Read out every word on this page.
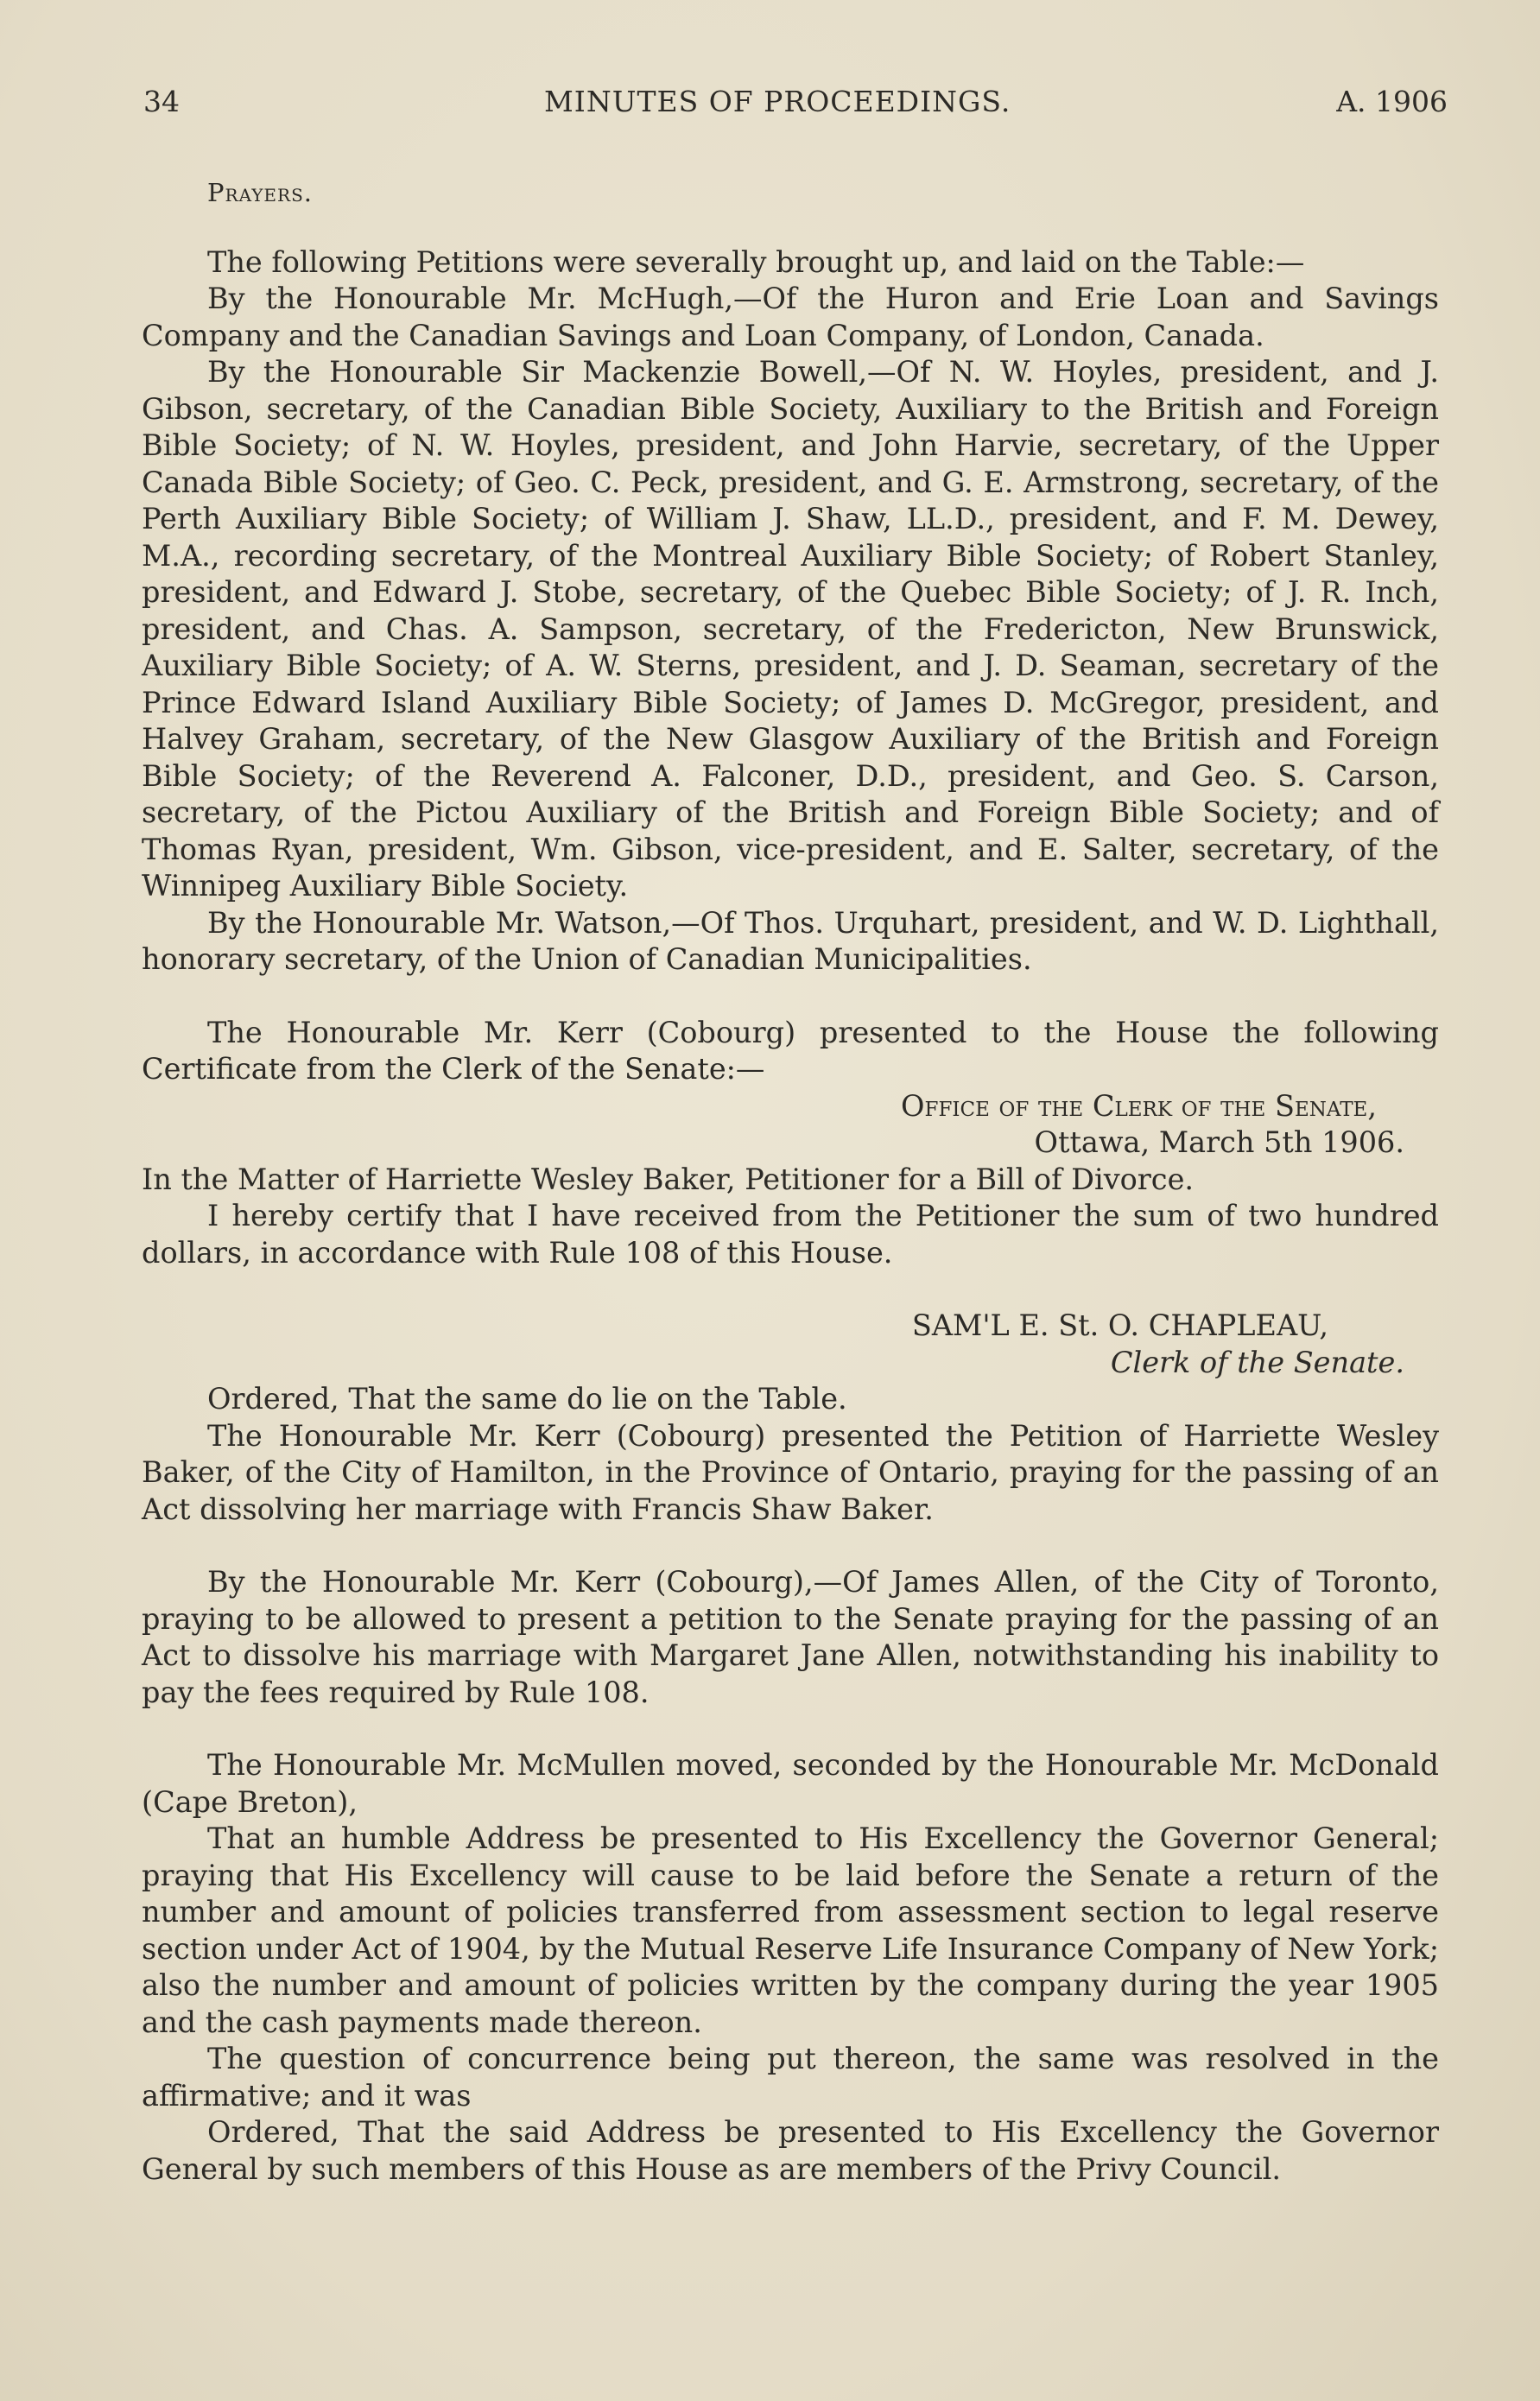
34	MINUTES OF PROCEEDINGS.	A. 1906

Prayers.

The following Petitions were severally brought up, and laid on the Table:—

By the Honourable Mr. McHugh,—Of the Huron and Erie Loan and Savings Company and the Canadian Savings and Loan Company, of London, Canada.

By the Honourable Sir Mackenzie Bowell,—Of N. W. Hoyles, president, and J. Gibson, secretary, of the Canadian Bible Society, Auxiliary to the British and Foreign Bible Society; of N. W. Hoyles, president, and John Harvie, secretary, of the Upper Canada Bible Society; of Geo. C. Peck, president, and G. E. Armstrong, secretary, of the Perth Auxiliary Bible Society; of William J. Shaw, LL.D., president, and F. M. Dewey, M.A., recording secretary, of the Montreal Auxiliary Bible Society; of Robert Stanley, president, and Edward J. Stobe, secretary, of the Quebec Bible Society; of J. R. Inch, president, and Chas. A. Sampson, secretary, of the Fredericton, New Brunswick, Auxiliary Bible Society; of A. W. Sterns, president, and J. D. Seaman, secretary of the Prince Edward Island Auxiliary Bible Society; of James D. McGregor, president, and Halvey Graham, secretary, of the New Glasgow Auxiliary of the British and Foreign Bible Society; of the Reverend A. Falconer, D.D., president, and Geo. S. Carson, secretary, of the Pictou Auxiliary of the British and Foreign Bible Society; and of Thomas Ryan, president, Wm. Gibson, vice-president, and E. Salter, secretary, of the Winnipeg Auxiliary Bible Society.

By the Honourable Mr. Watson,—Of Thos. Urquhart, president, and W. D. Lighthall, honorary secretary, of the Union of Canadian Municipalities.

The Honourable Mr. Kerr (Cobourg) presented to the House the following Certificate from the Clerk of the Senate:—

Office of the Clerk of the Senate,

Ottawa, March 5th 1906.

In the Matter of Harriette Wesley Baker, Petitioner for a Bill of Divorce.

I hereby certify that I have received from the Petitioner the sum of two hundred dollars, in accordance with Rule 108 of this House.

SAM'L E. St. O. CHAPLEAU,

Clerk of the Senate.

Ordered, That the same do lie on the Table.

The Honourable Mr. Kerr (Cobourg) presented the Petition of Harriette Wesley Baker, of the City of Hamilton, in the Province of Ontario, praying for the passing of an Act dissolving her marriage with Francis Shaw Baker.

By the Honourable Mr. Kerr (Cobourg),—Of James Allen, of the City of Toronto, praying to be allowed to present a petition to the Senate praying for the passing of an Act to dissolve his marriage with Margaret Jane Allen, notwithstanding his inability to pay the fees required by Rule 108.

The Honourable Mr. McMullen moved, seconded by the Honourable Mr. McDonald (Cape Breton),

That an humble Address be presented to His Excellency the Governor General; praying that His Excellency will cause to be laid before the Senate a return of the number and amount of policies transferred from assessment section to legal reserve section under Act of 1904, by the Mutual Reserve Life Insurance Company of New York; also the number and amount of policies written by the company during the year 1905 and the cash payments made thereon.

The question of concurrence being put thereon, the same was resolved in the affirmative; and it was

Ordered, That the said Address be presented to His Excellency the Governor General by such members of this House as are members of the Privy Council.
